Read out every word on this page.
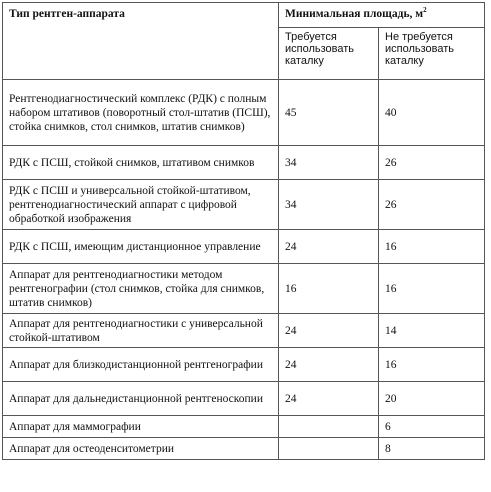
Тип рентген-аппарата	Минимальная площадь, $м^2$
	Требуется использовать каталку	Не требуется использовать каталку
Рентгенодиагностический комплекс (РДК) с полным набором штативов (поворотный стол-штатив (ПСШ), стойка снимков, стол снимков, штатив снимков)	45	40
РДК с ПСШ, стойкой снимков, штативом снимков	34	26
РДК с ПСШ и универсальной стойкой-штативом, рентгенодиагностический аппарат с цифровой обработкой изображения	34	26
РДК с ПСШ, имеющим дистанционное управление	24	16
Аппарат для рентгенодиагностики методом рентгенографии (стол снимков, стойка для снимков, штатив снимков)	16	16
Аппарат для рентгенодиагностики с универсальной стойкой-штативом	24	14
Аппарат для близкодистанционной рентгенографии	24	16
Аппарат для дальнедистанционной рентгеноскопии	24	20
Аппарат для маммографии		6
Аппарат для остеоденситометрии		8
